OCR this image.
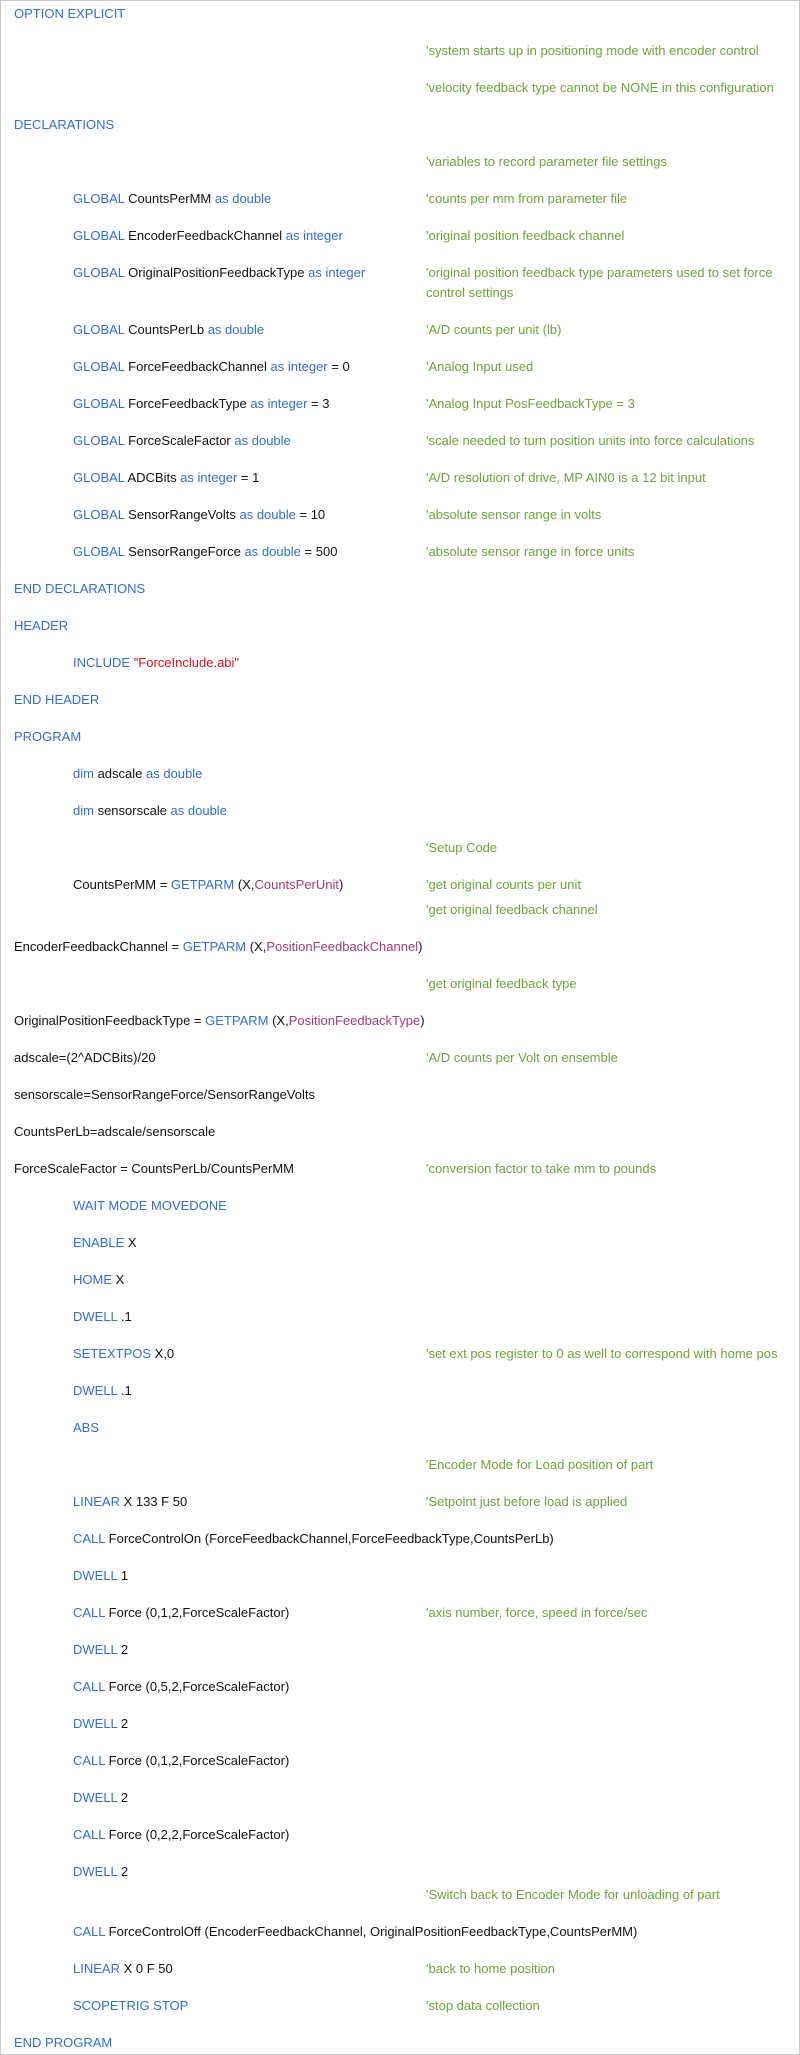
OPTION EXPLICIT
'system starts up in positioning mode with encoder control
'velocity feedback type cannot be NONE in this configuration
DECLARATIONS
'variables to record parameter file settings
GLOBAL CountsPerMM as double	'counts per mm from parameter file
GLOBAL EncoderFeedbackChannel as integer	'original position feedback channel
GLOBAL OriginalPositionFeedbackType as integer	'original position feedback type parameters used to set force control settings
GLOBAL CountsPerLb as double	'A/D counts per unit (lb)
GLOBAL ForceFeedbackChannel as integer = 0	'Analog Input used
GLOBAL ForceFeedbackType as integer = 3	'Analog Input PosFeedbackType = 3
GLOBAL ForceScaleFactor as double	'scale needed to turn position units into force calculations
GLOBAL ADCBits as integer = 1	'A/D resolution of drive, MP AIN0 is a 12 bit input
GLOBAL SensorRangeVolts as double = 10	'absolute sensor range in volts
GLOBAL SensorRangeForce as double = 500	'absolute sensor range in force units
END DECLARATIONS
HEADER
INCLUDE "ForceInclude.abi"
END HEADER
PROGRAM
dim adscale as double
dim sensorscale as double
'Setup Code
CountsPerMM = GETPARM (X,CountsPerUnit)	'get original counts per unit
'get original feedback channel
EncoderFeedbackChannel = GETPARM (X,PositionFeedbackChannel)
'get original feedback type
OriginalPositionFeedbackType = GETPARM (X,PositionFeedbackType)
adscale=(2^ADCBits)/20	'A/D counts per Volt on ensemble
sensorscale=SensorRangeForce/SensorRangeVolts
CountsPerLb=adscale/sensorscale
ForceScaleFactor = CountsPerLb/CountsPerMM	'conversion factor to take mm to pounds
WAIT MODE MOVEDONE
ENABLE X
HOME X
DWELL .1
SETEXTPOS X,0	'set ext pos register to 0 as well to correspond with home pos
DWELL .1
ABS
'Encoder Mode for Load position of part
LINEAR X 133 F 50	'Setpoint just before load is applied
CALL ForceControlOn (ForceFeedbackChannel,ForceFeedbackType,CountsPerLb)
DWELL 1
CALL Force (0,1,2,ForceScaleFactor)	'axis number, force, speed in force/sec
DWELL 2
CALL Force (0,5,2,ForceScaleFactor)
DWELL 2
CALL Force (0,1,2,ForceScaleFactor)
DWELL 2
CALL Force (0,2,2,ForceScaleFactor)
DWELL 2
'Switch back to Encoder Mode for unloading of part
CALL ForceControlOff (EncoderFeedbackChannel, OriginalPositionFeedbackType,CountsPerMM)
LINEAR X 0 F 50	'back to home position
SCOPETRIG STOP	'stop data collection
END PROGRAM
